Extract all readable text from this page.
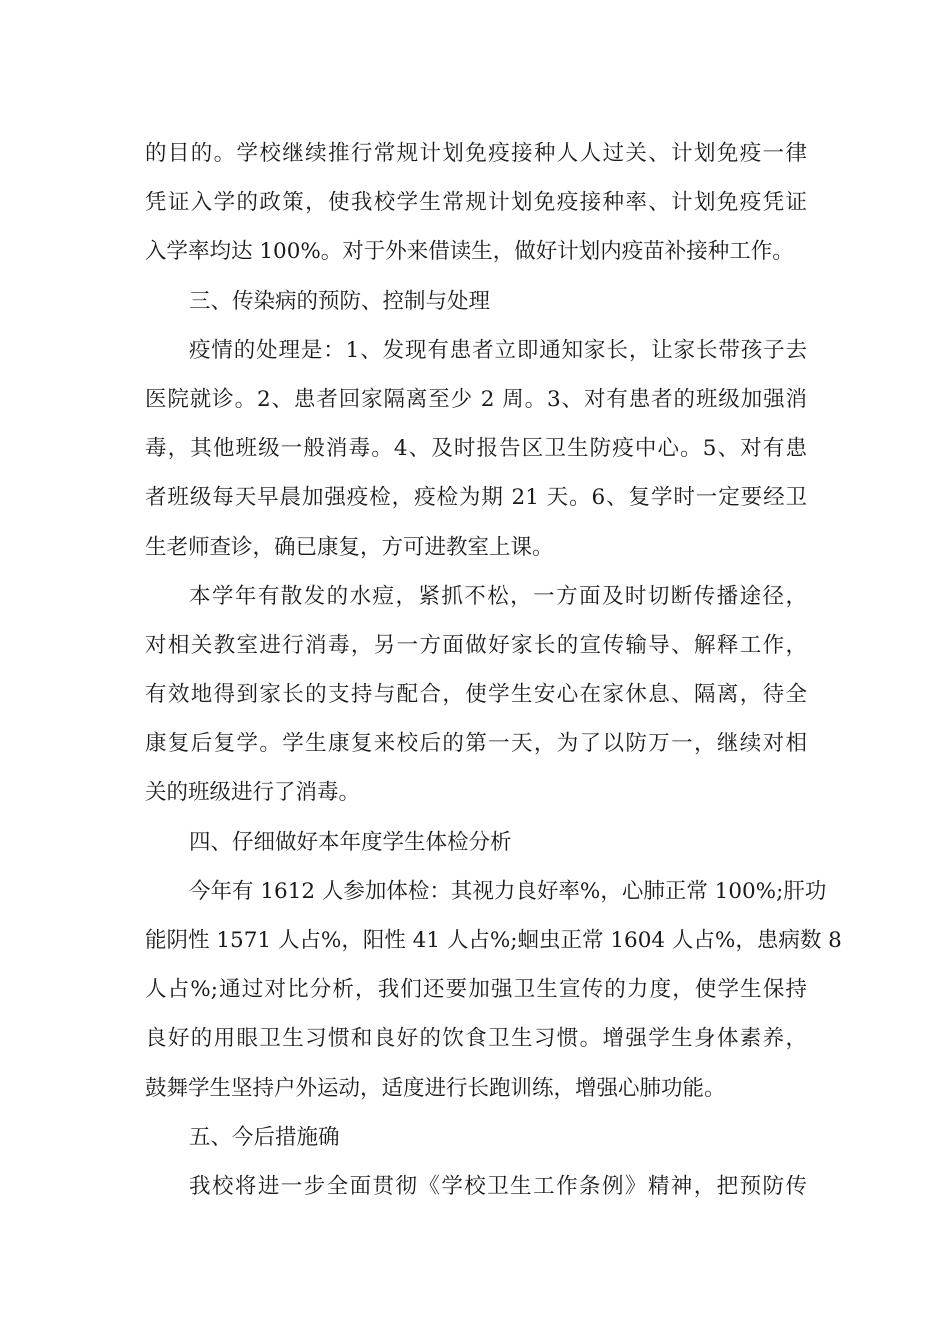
的目的。学校继续推行常规计划免疫接种人人过关、计划免疫一律
凭证入学的政策，使我校学生常规计划免疫接种率、计划免疫凭证
入学率均达 100%。对于外来借读生，做好计划内疫苗补接种工作。
三、传染病的预防、控制与处理
疫情的处理是：1、发现有患者立即通知家长，让家长带孩子去
医院就诊。2、患者回家隔离至少 2 周。3、对有患者的班级加强消
毒，其他班级一般消毒。4、及时报告区卫生防疫中心。5、对有患
者班级每天早晨加强疫检，疫检为期 21 天。6、复学时一定要经卫
生老师查诊，确已康复，方可进教室上课。
本学年有散发的水痘，紧抓不松，一方面及时切断传播途径，
对相关教室进行消毒，另一方面做好家长的宣传输导、解释工作，
有效地得到家长的支持与配合，使学生安心在家休息、隔离，待全
康复后复学。学生康复来校后的第一天，为了以防万一，继续对相
关的班级进行了消毒。
四、仔细做好本年度学生体检分析
今年有 1612 人参加体检：其视力良好率%，心肺正常 100%;肝功
能阴性 1571 人占%，阳性 41 人占%;蛔虫正常 1604 人占%，患病数 8
人占%;通过对比分析，我们还要加强卫生宣传的力度，使学生保持
良好的用眼卫生习惯和良好的饮食卫生习惯。增强学生身体素养，
鼓舞学生坚持户外运动，适度进行长跑训练，增强心肺功能。
五、今后措施确
我校将进一步全面贯彻《学校卫生工作条例》精神，把预防传
